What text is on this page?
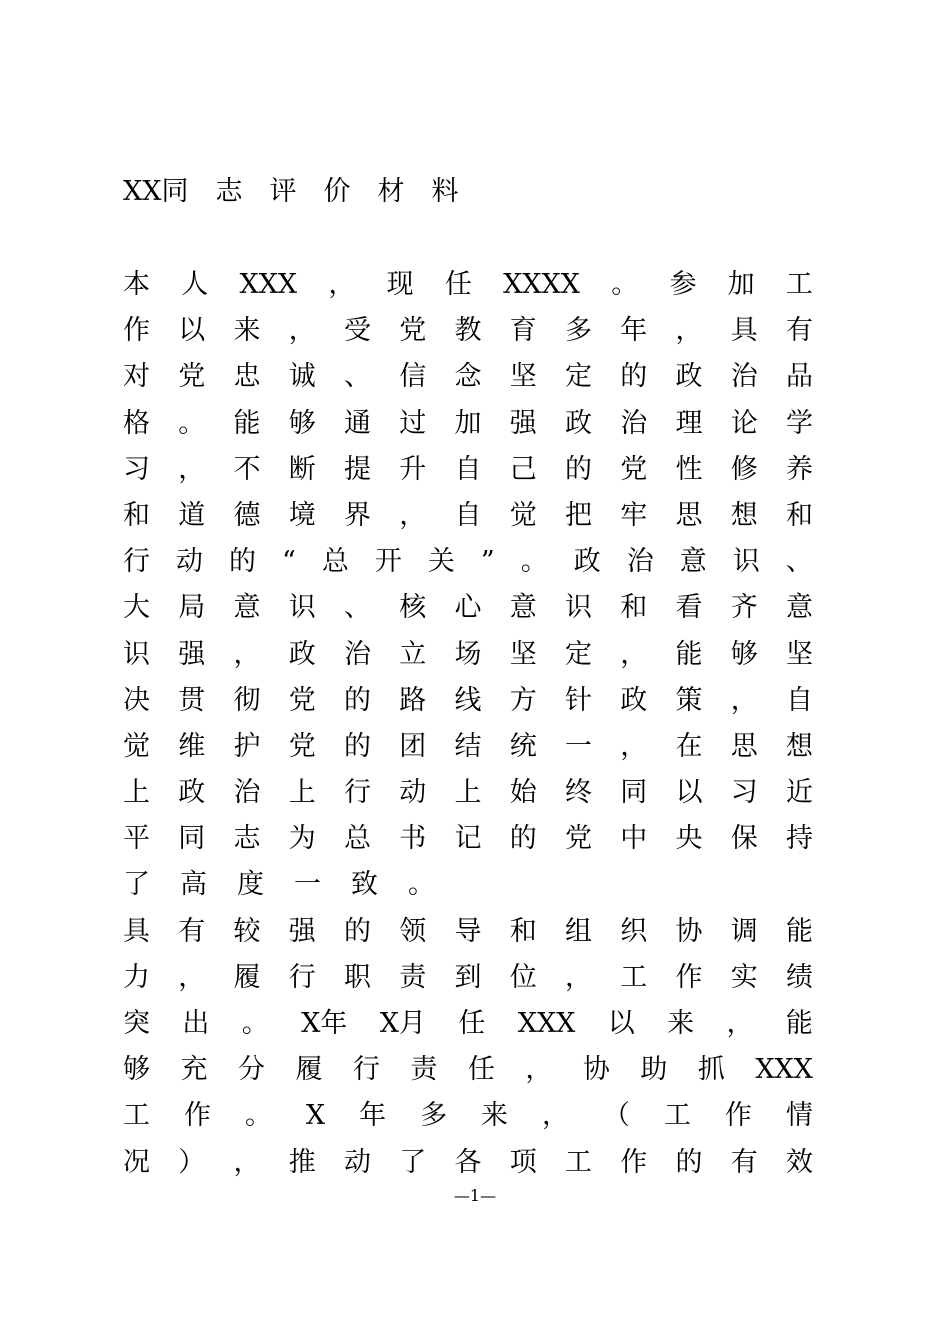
XX同　志　评　价　材　料
本 人 XXX ， 现 任 XXXX 。 参 加 工
作 以 来 ， 受 党 教 育 多 年 ， 具 有
对 党 忠 诚 、 信 念 坚 定 的 政 治 品
格 。 能 够 通 过 加 强 政 治 理 论 学
习 ， 不 断 提 升 自 己 的 党 性 修 养
和 道 德 境 界 ， 自 觉 把 牢 思 想 和
行 动 的 “ 总 开 关 ” 。 政 治 意 识 、
大 局 意 识 、 核 心 意 识 和 看 齐 意
识 强 ， 政 治 立 场 坚 定 ， 能 够 坚
决 贯 彻 党 的 路 线 方 针 政 策 ， 自
觉 维 护 党 的 团 结 统 一 ， 在 思 想
上 政 治 上 行 动 上 始 终 同 以 习 近
平 同 志 为 总 书 记 的 党 中 央 保 持
了 高 度 一 致 。
具 有 较 强 的 领 导 和 组 织 协 调 能
力 ， 履 行 职 责 到 位 ， 工 作 实 绩
突 出 。 X年 X月 任 XXX 以 来 ， 能
够 充 分 履 行 责 任 ， 协 助 抓 XXX
工 作 。 X 年 多 来 ， （ 工 作 情
况 ） ， 推 动 了 各 项 工 作 的 有 效
—1—
